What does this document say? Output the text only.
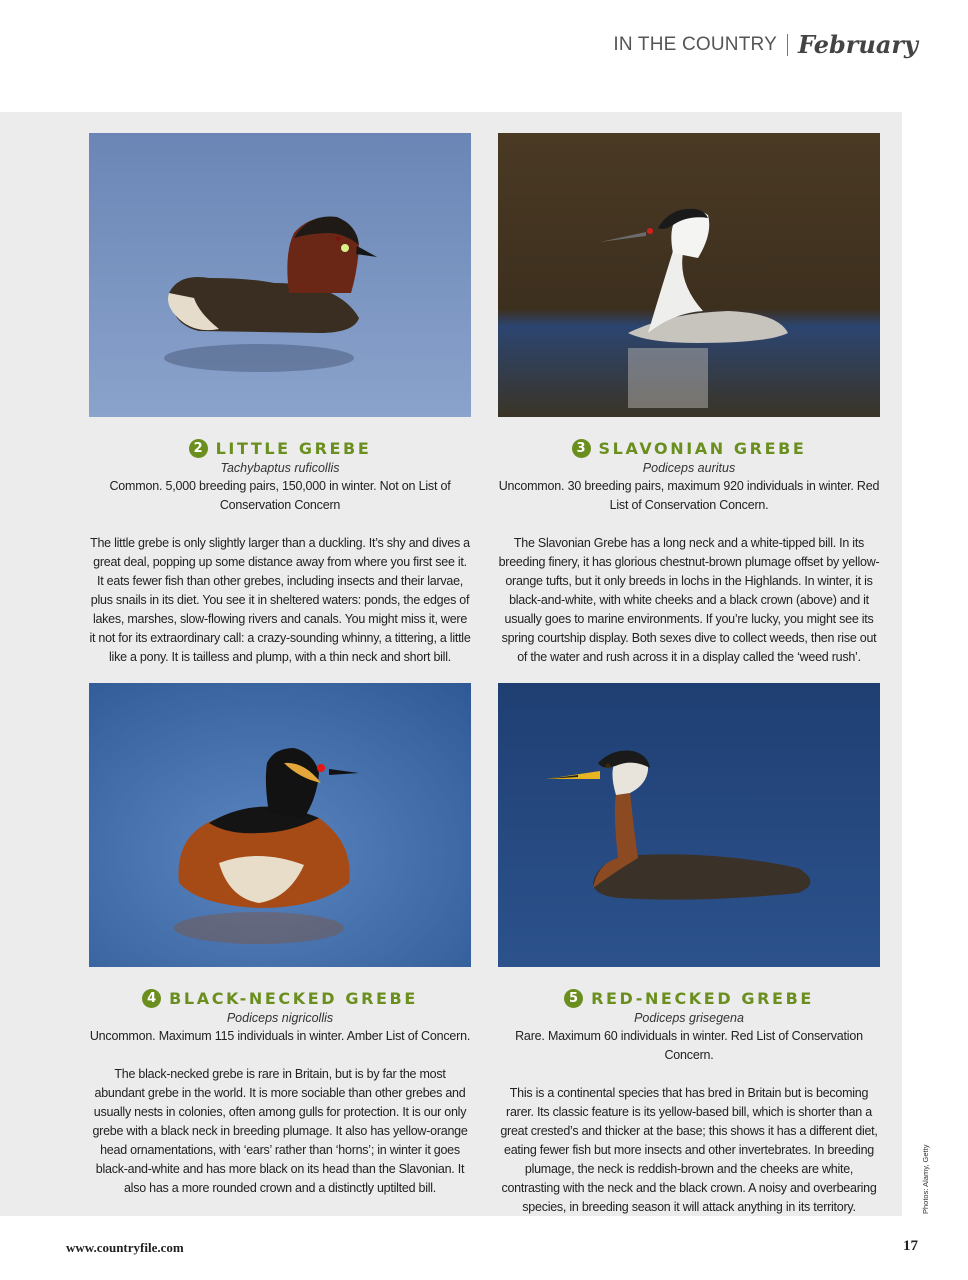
IN THE COUNTRY February
2 LITTLE GREBE
Tachybaptus ruficollis
Common. 5,000 breeding pairs, 150,000 in winter. Not on List of Conservation Concern
The little grebe is only slightly larger than a duckling. It’s shy and dives a great deal, popping up some distance away from where you first see it. It eats fewer fish than other grebes, including insects and their larvae, plus snails in its diet. You see it in sheltered waters: ponds, the edges of lakes, marshes, slow-flowing rivers and canals. You might miss it, were it not for its extraordinary call: a crazy-sounding whinny, a tittering, a little like a pony. It is tailless and plump, with a thin neck and short bill.
3 SLAVONIAN GREBE
Podiceps auritus
Uncommon. 30 breeding pairs, maximum 920 individuals in winter. Red List of Conservation Concern.
The Slavonian Grebe has a long neck and a white-tipped bill. In its breeding finery, it has glorious chestnut-brown plumage offset by yellow-orange tufts, but it only breeds in lochs in the Highlands. In winter, it is black-and-white, with white cheeks and a black crown (above) and it usually goes to marine environments. If you’re lucky, you might see its spring courtship display. Both sexes dive to collect weeds, then rise out of the water and rush across it in a display called the ‘weed rush’.
4 BLACK-NECKED GREBE
Podiceps nigricollis
Uncommon. Maximum 115 individuals in winter. Amber List of Concern.
The black-necked grebe is rare in Britain, but is by far the most abundant grebe in the world. It is more sociable than other grebes and usually nests in colonies, often among gulls for protection. It is our only grebe with a black neck in breeding plumage. It also has yellow-orange head ornamentations, with ‘ears’ rather than ‘horns’; in winter it goes black-and-white and has more black on its head than the Slavonian. It also has a more rounded crown and a distinctly uptilted bill.
5 RED-NECKED GREBE
Podiceps grisegena
Rare. Maximum 60 individuals in winter. Red List of Conservation Concern.
This is a continental species that has bred in Britain but is becoming rarer. Its classic feature is its yellow-based bill, which is shorter than a great crested’s and thicker at the base; this shows it has a different diet, eating fewer fish but more insects and other invertebrates. In breeding plumage, the neck is reddish-brown and the cheeks are white, contrasting with the neck and the black crown. A noisy and overbearing species, in breeding season it will attack anything in its territory.	Photos: Alamy, Getty
www.countryfile.com	17
